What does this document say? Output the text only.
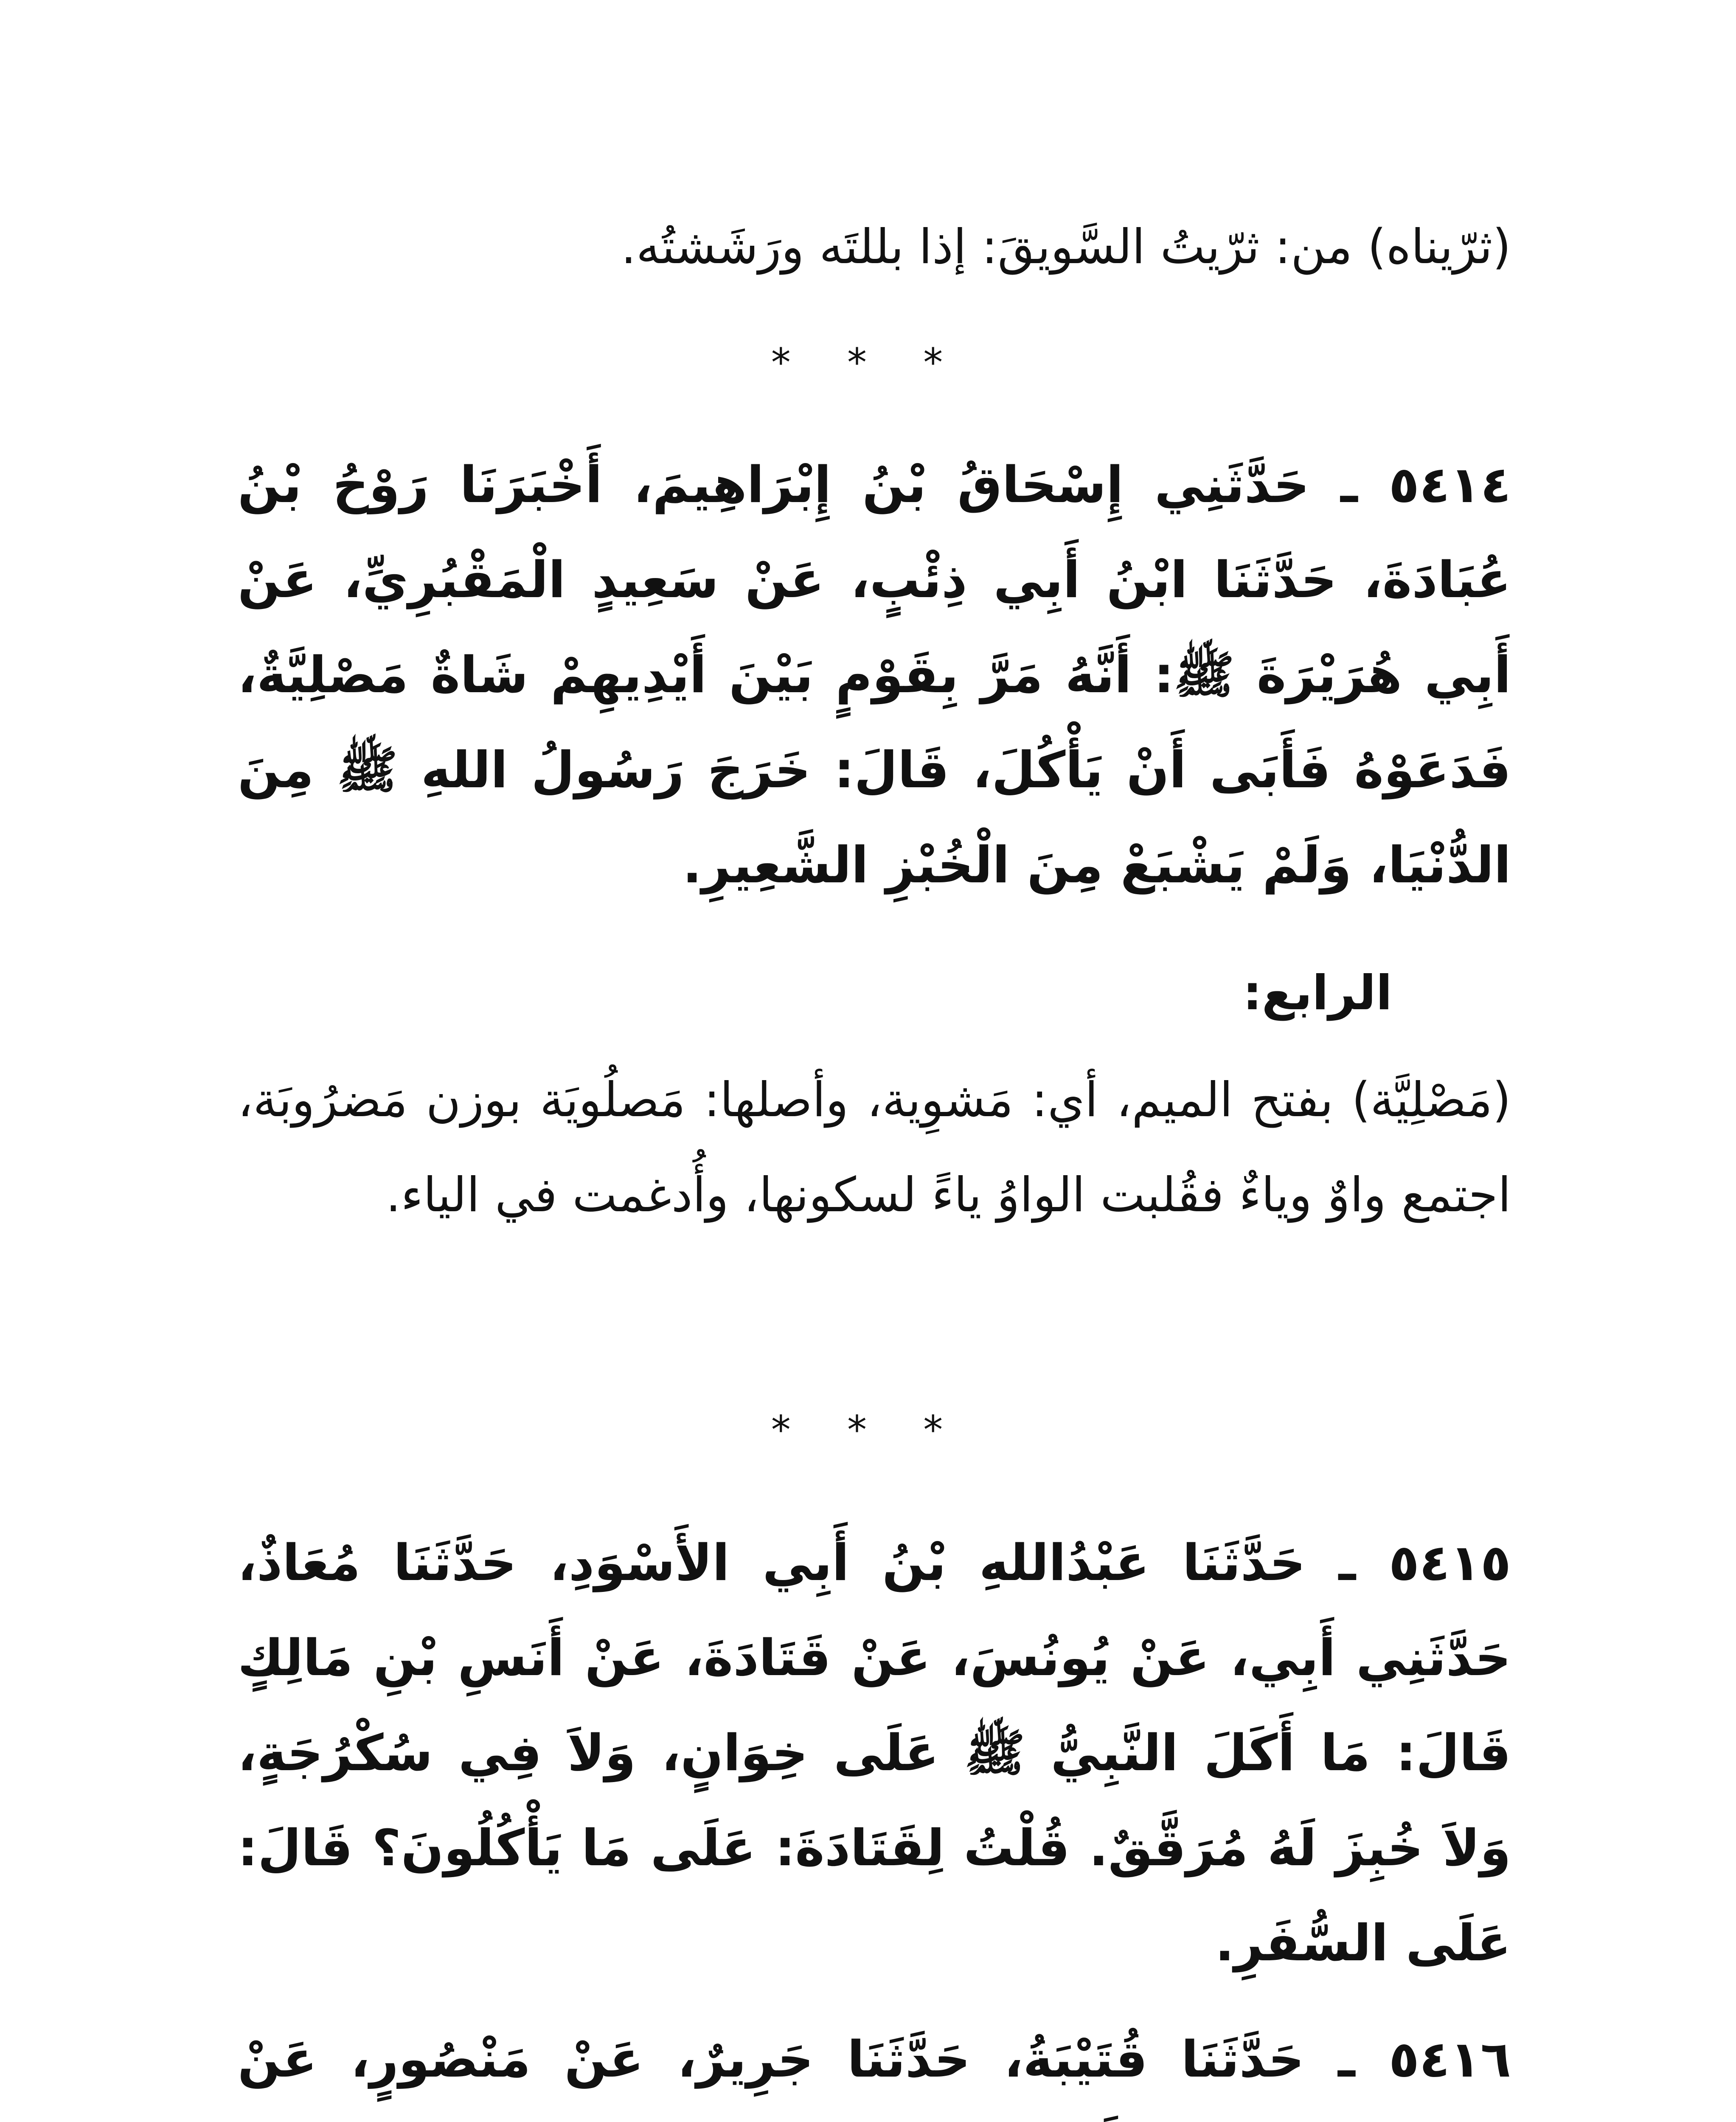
(ثرّيناه) من: ثرّيتُ السَّويقَ: إذا بللتَه ورَشَشتُه.

* * *

٥٤١٤ ـ حَدَّثَنِي إِسْحَاقُ بْنُ إِبْرَاهِيمَ، أَخْبَرَنَا رَوْحُ بْنُ عُبَادَةَ، حَدَّثَنَا ابْنُ أَبِي ذِئْبٍ، عَنْ سَعِيدٍ الْمَقْبُرِيِّ، عَنْ أَبِي هُرَيْرَةَ ﷺ: أَنَّهُ مَرَّ بِقَوْمٍ بَيْنَ أَيْدِيهِمْ شَاةٌ مَصْلِيَّةٌ، فَدَعَوْهُ فَأَبَى أَنْ يَأْكُلَ، قَالَ: خَرَجَ رَسُولُ اللهِ ﷺ مِنَ الدُّنْيَا، وَلَمْ يَشْبَعْ مِنَ الْخُبْزِ الشَّعِيرِ.

الرابع:

(مَصْلِيَّة) بفتح الميم، أي: مَشوِية، وأصلها: مَصلُويَة بوزن مَضرُوبَة، اجتمع واوٌ وياءٌ فقُلبت الواوُ ياءً لسكونها، وأُدغمت في الياء.

* * *

٥٤١٥ ـ حَدَّثَنَا عَبْدُاللهِ بْنُ أَبِي الأَسْوَدِ، حَدَّثَنَا مُعَاذٌ، حَدَّثَنِي أَبِي، عَنْ يُونُسَ، عَنْ قَتَادَةَ، عَنْ أَنَسِ بْنِ مَالِكٍ قَالَ: مَا أَكَلَ النَّبِيُّ ﷺ عَلَى خِوَانٍ، وَلاَ فِي سُكْرُجَةٍ، وَلاَ خُبِزَ لَهُ مُرَقَّقٌ. قُلْتُ لِقَتَادَةَ: عَلَى مَا يَأْكُلُونَ؟ قَالَ: عَلَى السُّفَرِ.

٥٤١٦ ـ حَدَّثَنَا قُتَيْبَةُ، حَدَّثَنَا جَرِيرٌ، عَنْ مَنْصُورٍ، عَنْ
